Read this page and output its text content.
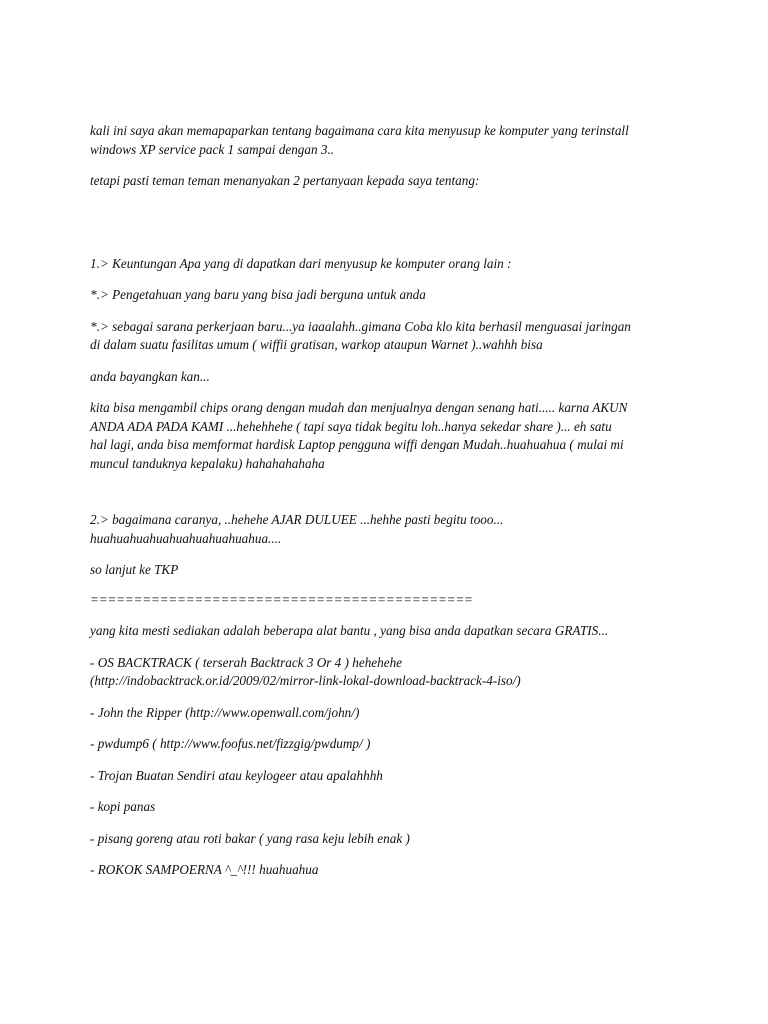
kali ini saya akan memapaparkan tentang bagaimana cara kita menyusup ke komputer yang terinstall
windows XP service pack 1 sampai dengan 3..

tetapi pasti teman teman menanyakan 2 pertanyaan kepada saya tentang:

1.> Keuntungan Apa yang di dapatkan dari menyusup ke komputer orang lain :

*.> Pengetahuan yang baru yang bisa jadi berguna untuk anda

*.> sebagai sarana perkerjaan baru...ya iaaalahh..gimana Coba klo kita berhasil menguasai jaringan
di dalam suatu fasilitas umum ( wiffii gratisan, warkop ataupun Warnet )..wahhh bisa

anda bayangkan kan...

kita bisa mengambil chips orang dengan mudah dan menjualnya dengan senang hati..... karna AKUN
ANDA ADA PADA KAMI ...hehehhehe ( tapi saya tidak begitu loh..hanya sekedar share )... eh satu
hal lagi, anda bisa memformat hardisk Laptop pengguna wiffi dengan Mudah..huahuahua ( mulai mi
muncul tanduknya kepalaku) hahahahahaha

2.> bagaimana caranya, ..hehehe AJAR DULUEE ...hehhe pasti begitu tooo...
huahuahuahuahuahuahuahuahua....

so lanjut ke TKP

============================================

yang kita mesti sediakan adalah beberapa alat bantu , yang bisa anda dapatkan secara GRATIS...

- OS BACKTRACK ( terserah Backtrack 3 Or 4 ) hehehehe
(http://indobacktrack.or.id/2009/02/mirror-link-lokal-download-backtrack-4-iso/)

- John the Ripper (http://www.openwall.com/john/)

- pwdump6 ( http://www.foofus.net/fizzgig/pwdump/ )

- Trojan Buatan Sendiri atau keylogeer atau apalahhhh

- kopi panas

- pisang goreng atau roti bakar ( yang rasa keju lebih enak )

- ROKOK SAMPOERNA ^_^!!! huahuahua
